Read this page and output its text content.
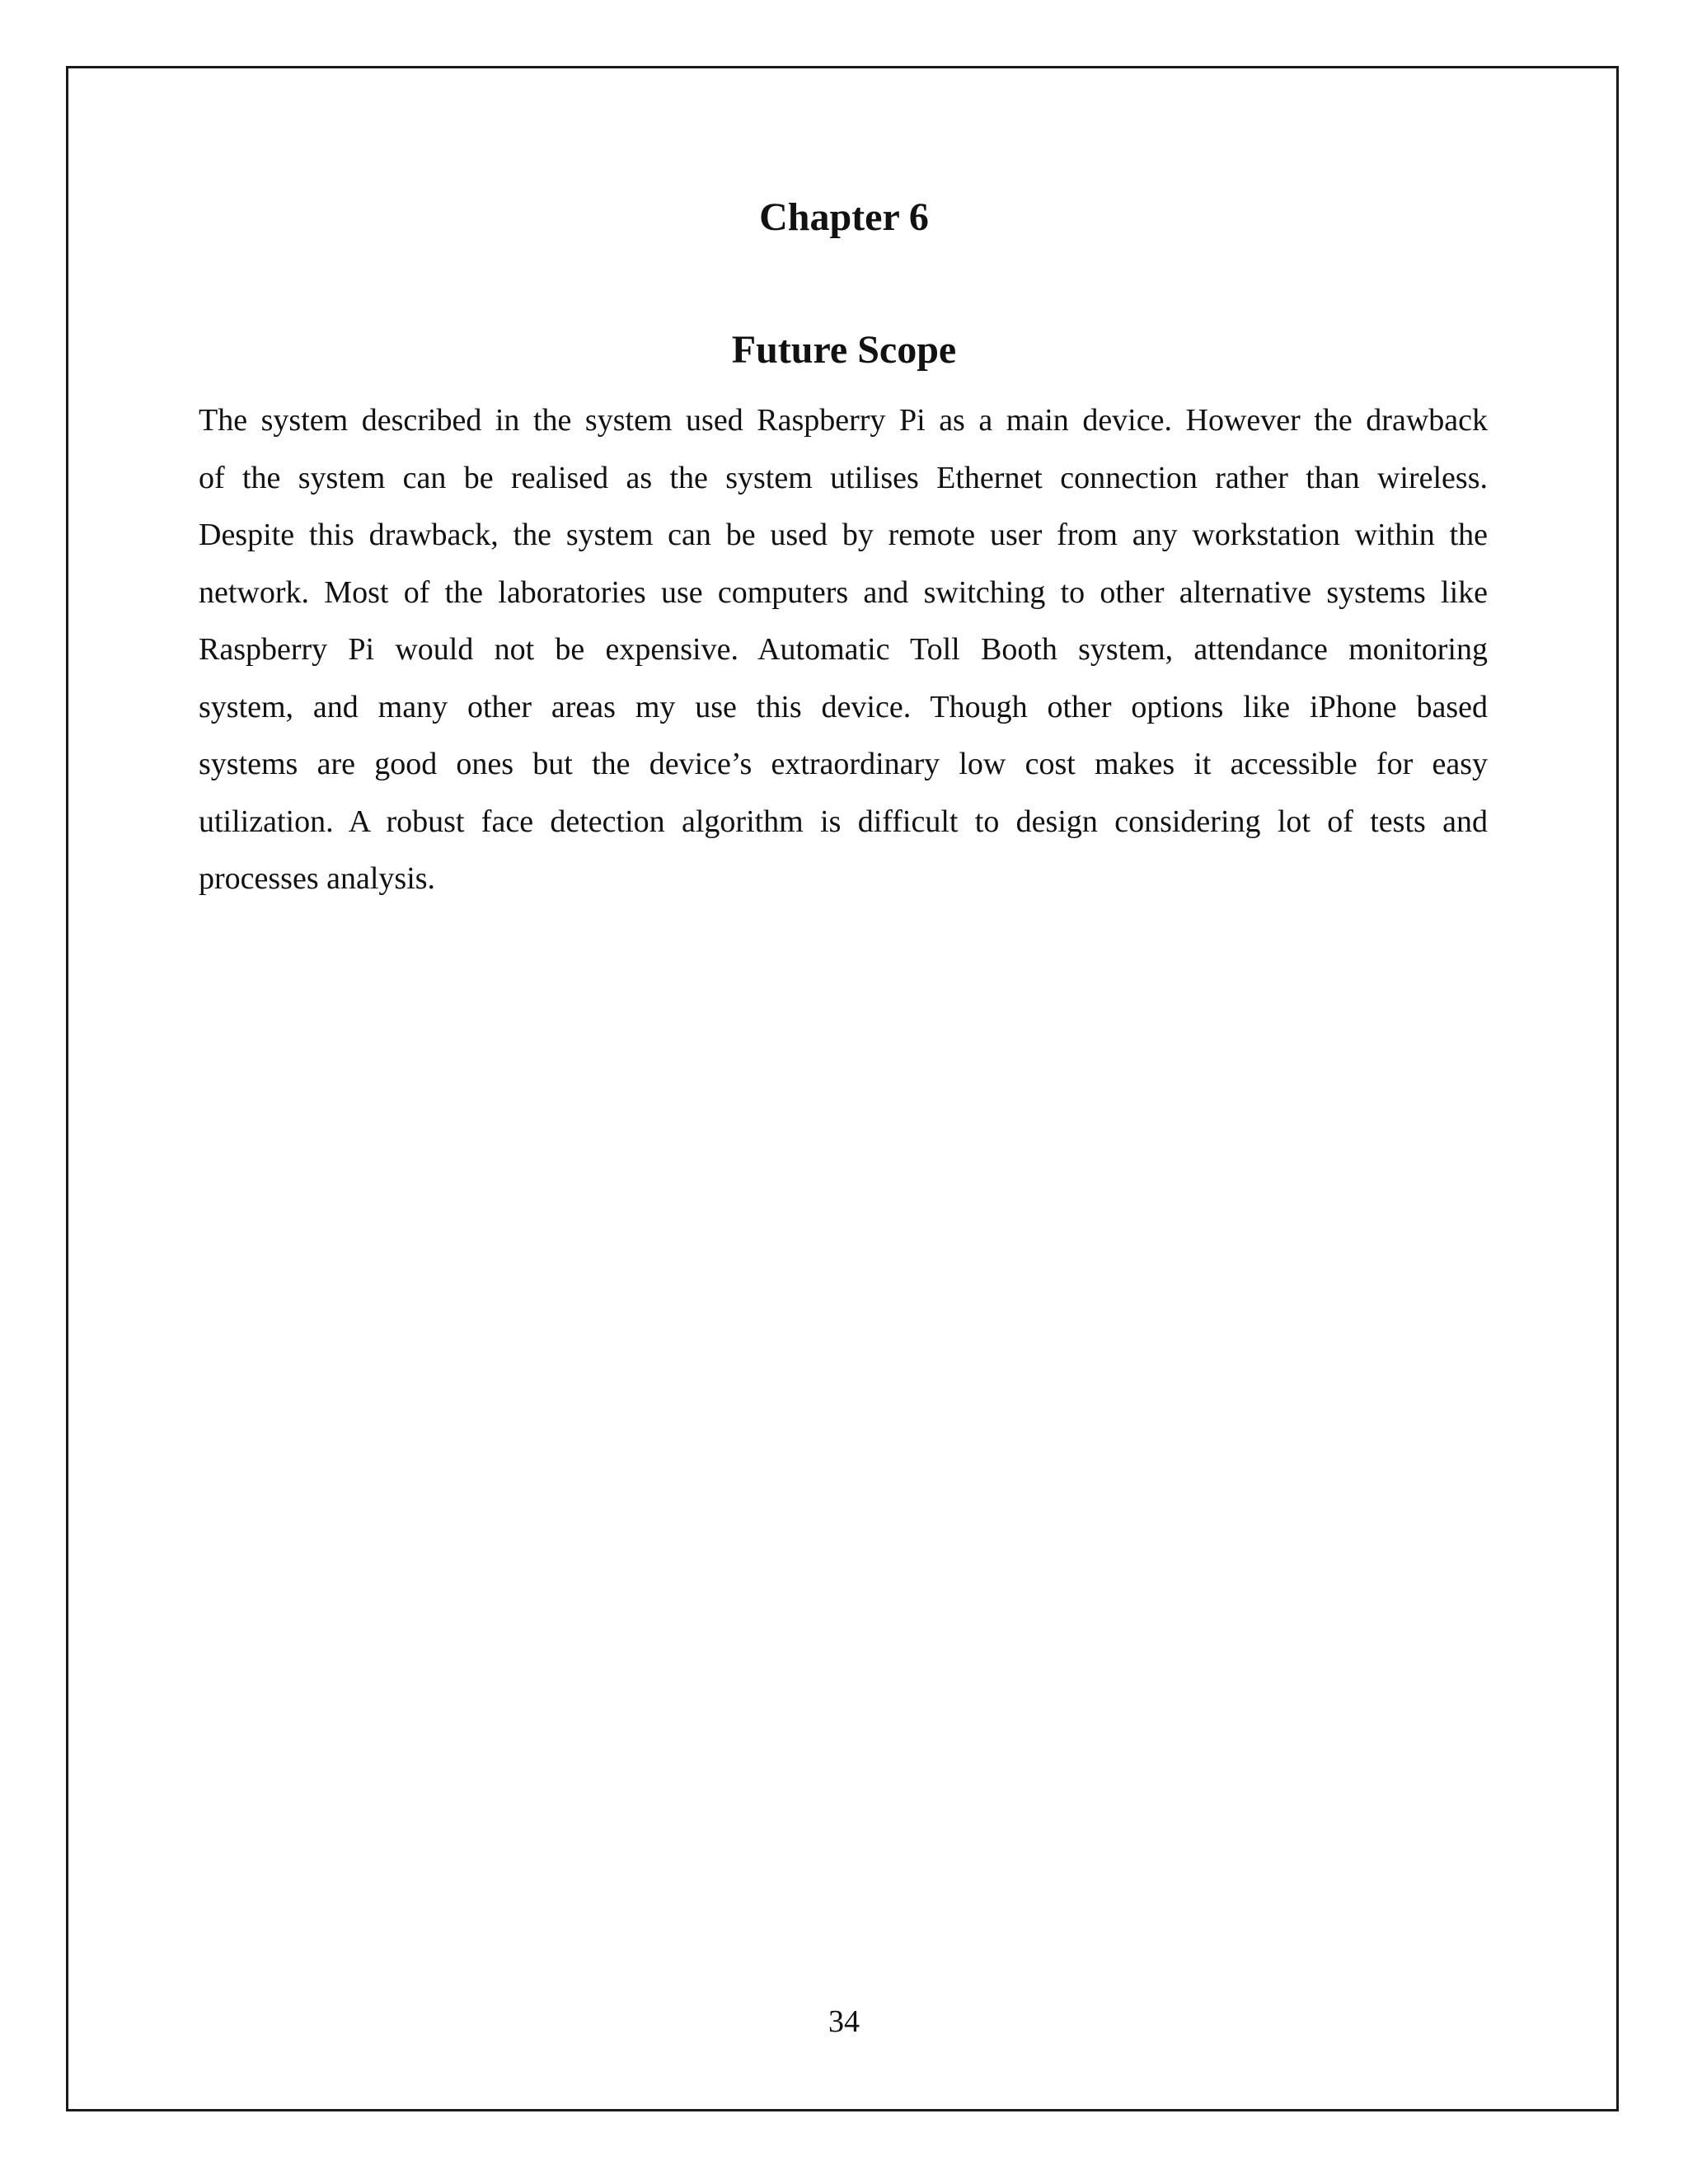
Chapter 6
Future Scope
The system described in the system used Raspberry Pi as a main device. However the drawback
of the system can be realised as the system utilises Ethernet connection rather than wireless.
Despite this drawback, the system can be used by remote user from any workstation within the
network. Most of the laboratories use computers and switching to other alternative systems like
Raspberry Pi would not be expensive. Automatic Toll Booth system, attendance monitoring
system, and many other areas my use this device. Though other options like iPhone based
systems are good ones but the device’s extraordinary low cost makes it accessible for easy
utilization. A robust face detection algorithm is difficult to design considering lot of tests and
processes analysis.
34
